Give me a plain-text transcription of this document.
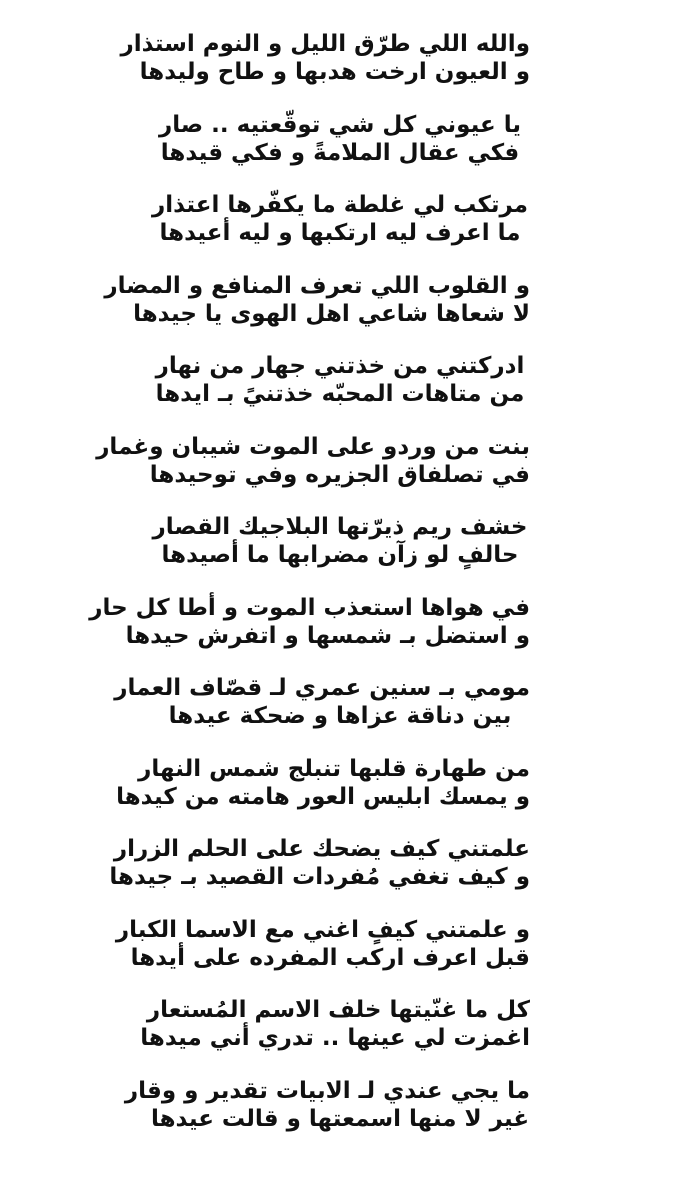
والله اللي طرّق الليل و النوم استذار
و العيون ارخت هدبها و طاح وليدها
يا عيوني كل شي توقّعتيه .. صار
فكي عقال الملامةً و فكي قيدها
مرتكب لي غلطة ما يكفّرها اعتذار
ما اعرف ليه ارتكبها و ليه أعيدها
و القلوب اللي تعرف المنافع و المضار
لا شعاها شاعي اهل الهوى يا جيدها
ادركتني من خذتني جهار من نهار
من متاهات المحبّه خذتنيً بـ ايدها
بنت من وردو على الموت شيبان وغمار
في تصلفاق الجزيره وفي توحيدها
خشف ريم ذيرّتها البلاجيك القصار
حالفٍ لو زآن مضرابها ما أصيدها
في هواها استعذب الموت و أطا كل حار
و استضل بـ شمسها و اتفرش حيدها
مومي بـ سنين عمري لـ قصّاف العمار
بين دناقة عزاها و ضحكة عيدها
من طهارة قلبها تنبلج شمس النهار
و يمسك ابليس العور هامته من كيدها
علمتني كيف يضحك على الحلم الزرار
و كيف تغفي مُفردات القصيد بـ جيدها
و علمتني كيفٍ اغني مع الاسما الكبار
قبل اعرف اركب المفرده على أيدها
كل ما غنّيتها خلف الاسم المُستعار
اغمزت لي عينها .. تدري أني ميدها
ما يجي عندي لـ الابيات تقدير و وقار
غير لا منها اسمعتها و قالت عيدها
